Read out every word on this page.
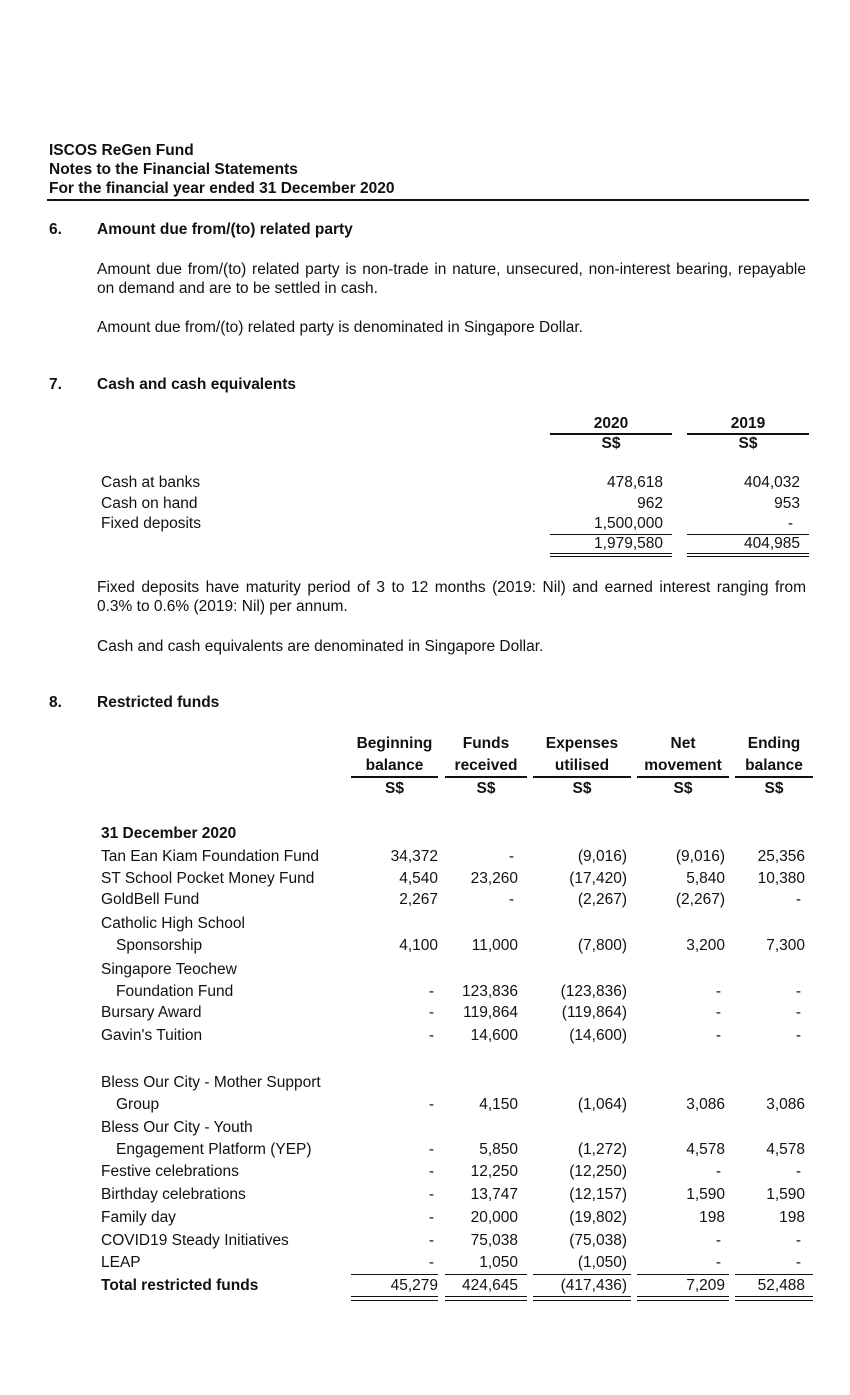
ISCOS ReGen Fund
Notes to the Financial Statements
For the financial year ended 31 December 2020
6. Amount due from/(to) related party
Amount due from/(to) related party is non-trade in nature, unsecured, non-interest bearing, repayable on demand and are to be settled in cash.
Amount due from/(to) related party is denominated in Singapore Dollar.
7. Cash and cash equivalents
2020
S$
2019
S$
Cash at banks	478,618	404,032
Cash on hand	962	953
Fixed deposits	1,500,000	-
1,979,580	404,985
Fixed deposits have maturity period of 3 to 12 months (2019: Nil) and earned interest ranging from 0.3% to 0.6% (2019: Nil) per annum.
Cash and cash equivalents are denominated in Singapore Dollar.
8. Restricted funds
Beginning
balance
S$
Funds
received
S$
Expenses
utilised
S$
Net
movement
S$
Ending
balance
S$
31 December 2020
Tan Ean Kiam Foundation Fund	34,372	-	(9,016)	(9,016) 25,356
ST School Pocket Money Fund	4,540 23,260	(17,420)	5,840 10,380
GoldBell Fund	2,267	-	(2,267)	(2,267)	-
Catholic High School
Sponsorship	4,100 11,000	(7,800)	3,200	7,300
Singapore Teochew
Foundation Fund	- 123,836	(123,836)	-	-
Bursary Award	- 119,864	(119,864)	-	-
Gavin's Tuition	- 14,600	(14,600)	-	-
Bless Our City - Mother Support
Group	-	4,150	(1,064)	3,086	3,086
Bless Our City - Youth
Engagement Platform (YEP)	-	5,850	(1,272)	4,578	4,578
Festive celebrations	- 12,250	(12,250)	-	-
Birthday celebrations	- 13,747	(12,157)	1,590	1,590
Family day	- 20,000	(19,802)	198	198
COVID19 Steady Initiatives	- 75,038	(75,038)	-	-
LEAP	-	1,050	(1,050)	-	-
Total restricted funds	45,279 424,645	(417,436)	7,209 52,488
